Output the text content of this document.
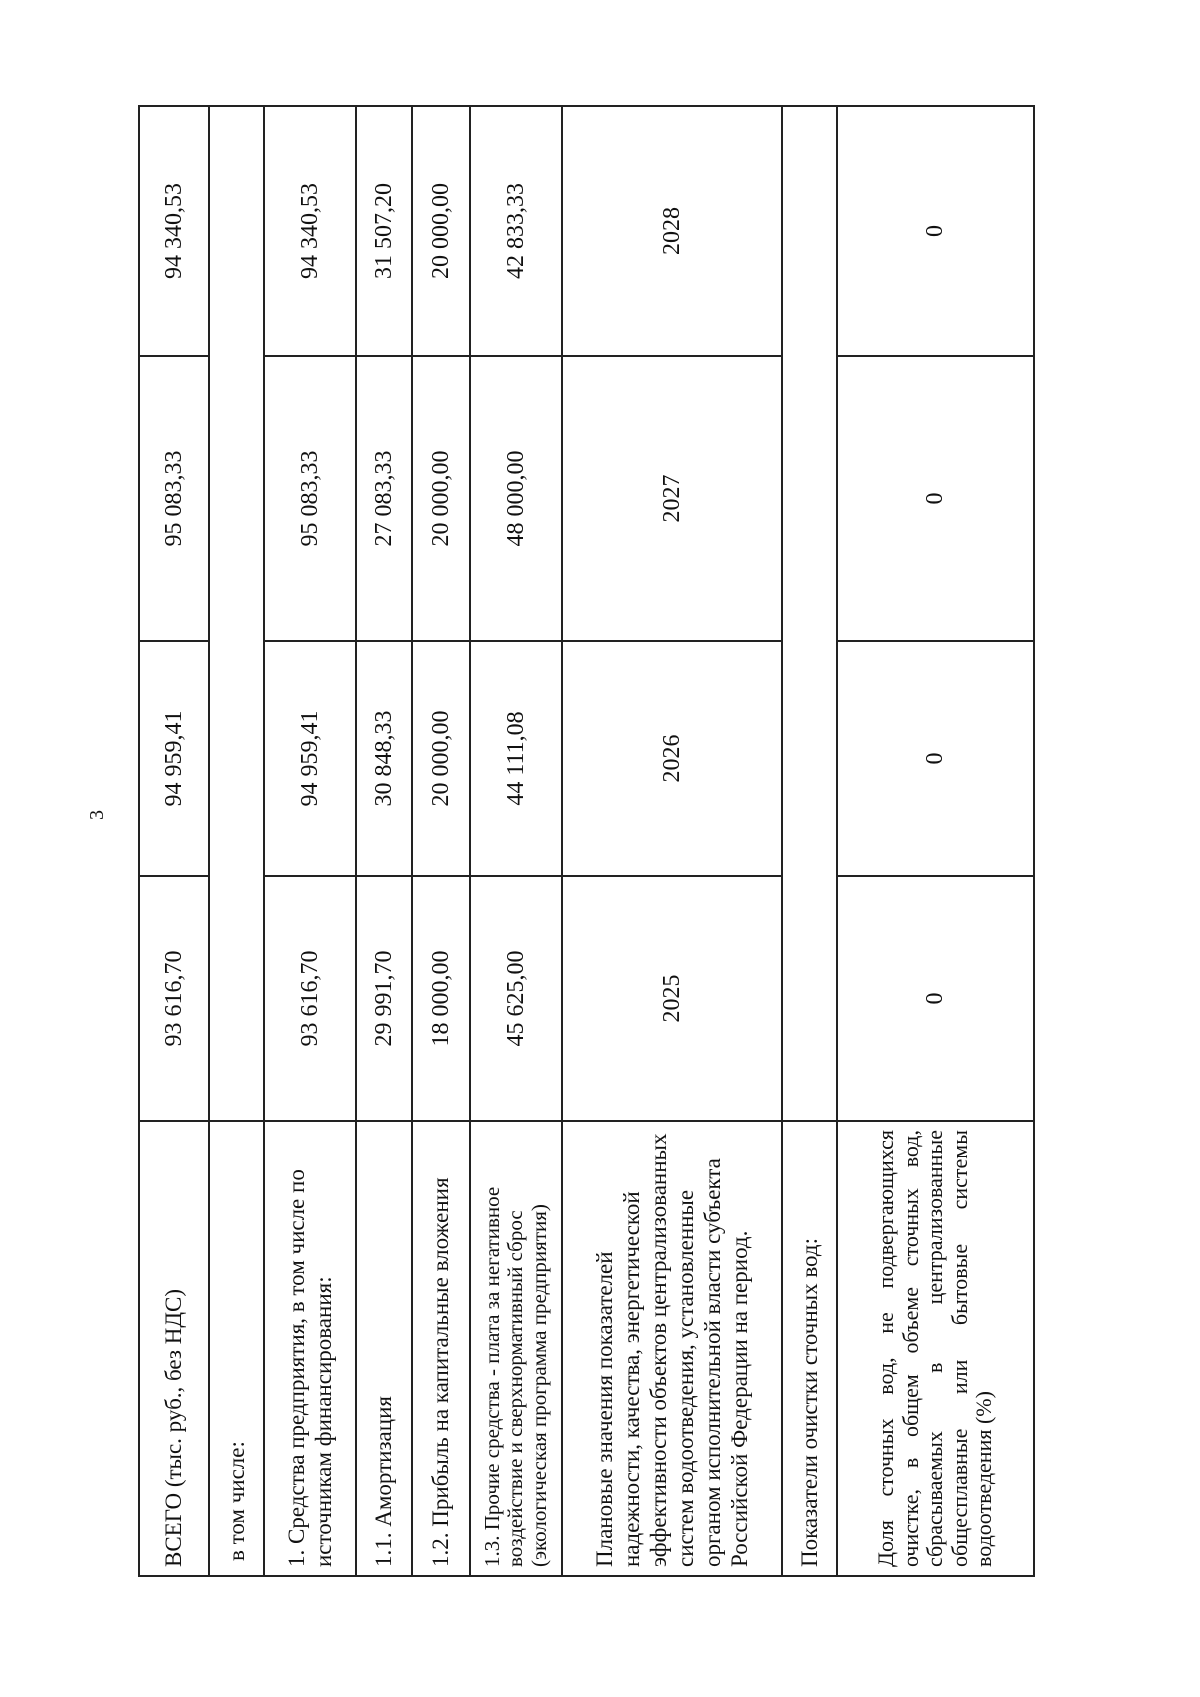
3
ВСЕГО (тыс. руб., без НДС)	93 616,70	94 959,41	95 083,33	94 340,53
в том числе:				
1. Средства предприятия, в том числе по источникам финансирования:	93 616,70	94 959,41	95 083,33	94 340,53
1.1. Амортизация	29 991,70	30 848,33	27 083,33	31 507,20
1.2. Прибыль на капитальные вложения	18 000,00	20 000,00	20 000,00	20 000,00
1.3. Прочие средства - плата за негативное воздействие и сверхнормативный сброс (экологическая программа предприятия)	45 625,00	44 111,08	48 000,00	42 833,33
Плановые значения показателей надежности, качества, энергетической эффективности объектов централизованных систем водоотведения, установленные органом исполнительной власти субъекта Российской Федерации на период.	2025	2026	2027	2028
Показатели очистки сточных вод:				
Доля сточных вод, не подвергающихся очистке, в общем объеме сточных вод, сбрасываемых в централизованные общесплавные или бытовые системы водоотведения (%)	0	0	0	0
